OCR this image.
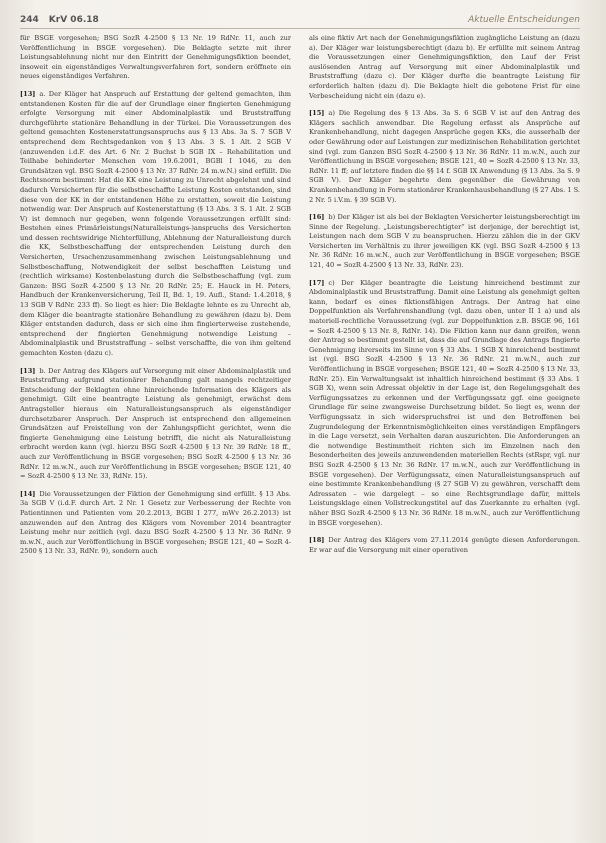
244 KrV 06.18	Aktuelle Entscheidungen

für BSGE vorgesehen; BSG SozR 4-2500 § 13 Nr. 19 RdNr. 11, auch zur Veröffentlichung in BSGE vorgesehen). Die Beklagte setzte mit ihrer Leistungsablehnung nicht nur den Eintritt der Genehmigungsfiktion beendet, insoweit ein eigenständiges Verwaltungsverfahren fort, sondern eröffnete ein neues eigenständiges Verfahren.

[13] a. Der Kläger hat Anspruch auf Erstattung der geltend gemachten, ihm entstandenen Kosten für die auf der Grundlage einer fingierten Genehmigung erfolgte Versorgung mit einer Abdominalplastik und Bruststraffung durchgeführte stationäre Behandlung in der Türkei. Die Voraussetzungen des geltend gemachten Kostenerstattungsanspruchs aus § 13 Abs. 3a S. 7 SGB V entsprechend dem Rechtsgedanken von § 13 Abs. 3 S. 1 Alt. 2 SGB V (anzuwenden i.d.F. des Art. 6 Nr. 2 Buchst b SGB IX – Rehabilitation und Teilhabe behinderter Menschen vom 19.6.2001, BGBl I 1046, zu den Grundsätzen vgl. BSG SozR 4-2500 § 13 Nr. 37 RdNr. 24 m.w.N.) sind erfüllt. Die Rechtsnorm bestimmt: Hat die KK eine Leistung zu Unrecht abgelehnt und sind dadurch Versicherten für die selbstbeschaffte Leistung Kosten entstanden, sind diese von der KK in der entstandenen Höhe zu erstatten, soweit die Leistung notwendig war. Der Anspruch auf Kostenerstattung (§ 13 Abs. 3 S. 1 Alt. 2 SGB V) ist demnach nur gegeben, wenn folgende Voraussetzungen erfüllt sind: Bestehen eines Primärleistungs(Naturalleistungs-)anspruchs des Versicherten und dessen rechtswidrige Nichterfüllung, Ablehnung der Naturalleistung durch die KK, Selbstbeschaffung der entsprechenden Leistung durch den Versicherten, Ursachenzusammenhang zwischen Leistungsablehnung und Selbstbeschaffung, Notwendigkeit der selbst beschafften Leistung und (rechtlich wirksame) Kostenbelastung durch die Selbstbeschaffung (vgl. zum Ganzen: BSG SozR 4-2500 § 13 Nr. 20 RdNr. 25; E. Hauck in H. Peters, Handbuch der Krankenversicherung, Teil II, Bd. 1, 19. Aufl., Stand: 1.4.2018, § 13 SGB V RdNr. 233 ff). So liegt es hier: Die Beklagte lehnte es zu Unrecht ab, dem Kläger die beantragte stationäre Behandlung zu gewähren (dazu b). Dem Kläger entstanden dadurch, dass er sich eine ihm fingierterweise zustehende, entsprechend der fingierten Genehmigung notwendige Leistung – Abdominalplastik und Bruststraffung – selbst verschaffte, die von ihm geltend gemachten Kosten (dazu c).

[13] b. Der Antrag des Klägers auf Versorgung mit einer Abdominalplastik und Bruststraffung aufgrund stationärer Behandlung galt mangels rechtzeitiger Entscheidung der Beklagten ohne hinreichende Information des Klägers als genehmigt. Gilt eine beantragte Leistung als genehmigt, erwächst dem Antragsteller hieraus ein Naturalleistungsanspruch als eigenständiger durchsetzbarer Anspruch. Der Anspruch ist entsprechend den allgemeinen Grundsätzen auf Freistellung von der Zahlungspflicht gerichtet, wenn die fingierte Genehmigung eine Leistung betrifft, die nicht als Naturalleistung erbracht werden kann (vgl. hierzu BSG SozR 4-2500 § 13 Nr. 39 RdNr. 18 ff., auch zur Veröffentlichung in BSGE vorgesehen; BSG SozR 4-2500 § 13 Nr. 36 RdNr. 12 m.w.N., auch zur Veröffentlichung in BSGE vorgesehen; BSGE 121, 40 = SozR 4-2500 § 13 Nr. 33, RdNr. 15).

[14] Die Voraussetzungen der Fiktion der Genehmigung sind erfüllt. § 13 Abs. 3a SGB V (i.d.F. durch Art. 2 Nr. 1 Gesetz zur Verbesserung der Rechte von Patientinnen und Patienten vom 20.2.2013, BGBl I 277, mWv 26.2.2013) ist anzuwenden auf den Antrag des Klägers vom November 2014 beantragter Leistung mehr nur zeitlich (vgl. dazu BSG SozR 4-2500 § 13 Nr. 36 RdNr. 9 m.w.N., auch zur Veröffentlichung in BSGE vorgesehen; BSGE 121, 40 = SozR 4-2500 § 13 Nr. 33, RdNr. 9), sondern auch

als eine fiktiv Art nach der Genehmigungsfiktion zugängliche Leistung an (dazu a). Der Kläger war leistungsberechtigt (dazu b). Er erfüllte mit seinem Antrag die Voraussetzungen einer Genehmigungsfiktion, den Lauf der Frist auslösenden Antrag auf Versorgung mit einer Abdominalplastik und Bruststraffung (dazu c). Der Kläger durfte die beantragte Leistung für erforderlich halten (dazu d). Die Beklagte hielt die gebotene Frist für eine Verbescheidung nicht ein (dazu e).

[15] a) Die Regelung des § 13 Abs. 3a S. 6 SGB V ist auf den Antrag des Klägers sachlich anwendbar. Die Regelung erfasst als Ansprüche auf Krankenbehandlung, nicht dagegen Ansprüche gegen KKs, die ausserhalb der oder Gewährung oder auf Leistungen zur medizinischen Rehabilitation gerichtet sind (vgl. zum Ganzen BSG SozR 4-2500 § 13 Nr. 36 RdNr. 11 m.w.N., auch zur Veröffentlichung in BSGE vorgesehen; BSGE 121, 40 = SozR 4-2500 § 13 Nr. 33, RdNr. 11 ff; auf letztere finden die §§ 14 f. SGB IX Anwendung (§ 13 Abs. 3a S. 9 SGB V). Der Kläger begehrte dem gegenüber die Gewährung von Krankenbehandlung in Form stationärer Krankenhausbehandlung (§ 27 Abs. 1 S. 2 Nr. 5 i.V.m. § 39 SGB V).

[16] b) Der Kläger ist als bei der Beklagten Versicherter leistungsberechtigt im Sinne der Regelung. „Leistungsberechtigter“ ist derjenige, der berechtigt ist, Leistungen nach dem SGB V zu beanspruchen. Hierzu zählen die in der GKV Versicherten im Verhältnis zu ihrer jeweiligen KK (vgl. BSG SozR 4-2500 § 13 Nr. 36 RdNr. 16 m.w.N., auch zur Veröffentlichung in BSGE vorgesehen; BSGE 121, 40 = SozR 4-2500 § 13 Nr. 33, RdNr. 23).

[17] c) Der Kläger beantragte die Leistung hinreichend bestimmt zur Abdominalplastik und Bruststraffung. Damit eine Leistung als genehmigt gelten kann, bedarf es eines fiktionsfähigen Antrags. Der Antrag hat eine Doppelfunktion als Verfahrenshandlung (vgl. dazu oben, unter II 1 a) und als materiell-rechtliche Voraussetzung (vgl. zur Doppelfunktion z.B. BSGE 96, 161 = SozR 4-2500 § 13 Nr. 8, RdNr. 14). Die Fiktion kann nur dann greifen, wenn der Antrag so bestimmt gestellt ist, dass die auf Grundlage des Antrags fingierte Genehmigung ihrerseits im Sinne von § 33 Abs. 1 SGB X hinreichend bestimmt ist (vgl. BSG SozR 4-2500 § 13 Nr. 36 RdNr. 21 m.w.N., auch zur Veröffentlichung in BSGE vorgesehen; BSGE 121, 40 = SozR 4-2500 § 13 Nr. 33, RdNr. 25). Ein Verwaltungsakt ist inhaltlich hinreichend bestimmt (§ 33 Abs. 1 SGB X), wenn sein Adressat objektiv in der Lage ist, den Regelungsgehalt des Verfügungssatzes zu erkennen und der Verfügungssatz ggf. eine geeignete Grundlage für seine zwangsweise Durchsetzung bildet. So liegt es, wenn der Verfügungssatz in sich widerspruchsfrei ist und den Betroffenen bei Zugrundelegung der Erkenntnismöglichkeiten eines verständigen Empfängers in die Lage versetzt, sein Verhalten daran auszurichten. Die Anforderungen an die notwendige Bestimmtheit richten sich im Einzelnen nach den Besonderheiten des jeweils anzuwendenden materiellen Rechts (stRspr, vgl. nur BSG SozR 4-2500 § 13 Nr. 36 RdNr. 17 m.w.N., auch zur Veröffentlichung in BSGE vorgesehen). Der Verfügungssatz, einen Naturalleistungsanspruch auf eine bestimmte Krankenbehandlung (§ 27 SGB V) zu gewähren, verschafft dem Adressaten – wie dargelegt – so eine Rechtsgrundlage dafür, mittels Leistungsklage einen Vollstreckungstitel auf das Zuerkannte zu erhalten (vgl. näher BSG SozR 4-2500 § 13 Nr. 36 RdNr. 18 m.w.N., auch zur Veröffentlichung in BSGE vorgesehen).

[18] Der Antrag des Klägers vom 27.11.2014 genügte diesen Anforderungen. Er war auf die Versorgung mit einer operativen
